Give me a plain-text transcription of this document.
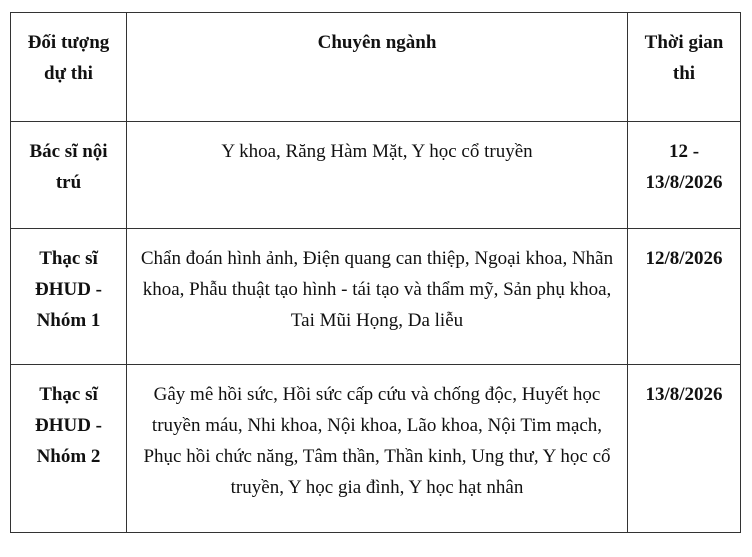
Đối tượng dự thi	Chuyên ngành	Thời gian thi
Bác sĩ nội trú	Y khoa, Răng Hàm Mặt, Y học cổ truyền	12 - 13/8/2026
Thạc sĩ ĐHUD - Nhóm 1	Chẩn đoán hình ảnh, Điện quang can thiệp, Ngoại khoa, Nhãn khoa, Phẫu thuật tạo hình - tái tạo và thẩm mỹ, Sản phụ khoa, Tai Mũi Họng, Da liễu	12/8/2026
Thạc sĩ ĐHUD - Nhóm 2	Gây mê hồi sức, Hồi sức cấp cứu và chống độc, Huyết học truyền máu, Nhi khoa, Nội khoa, Lão khoa, Nội Tim mạch, Phục hồi chức năng, Tâm thần, Thần kinh, Ung thư, Y học cổ truyền, Y học gia đình, Y học hạt nhân	13/8/2026
